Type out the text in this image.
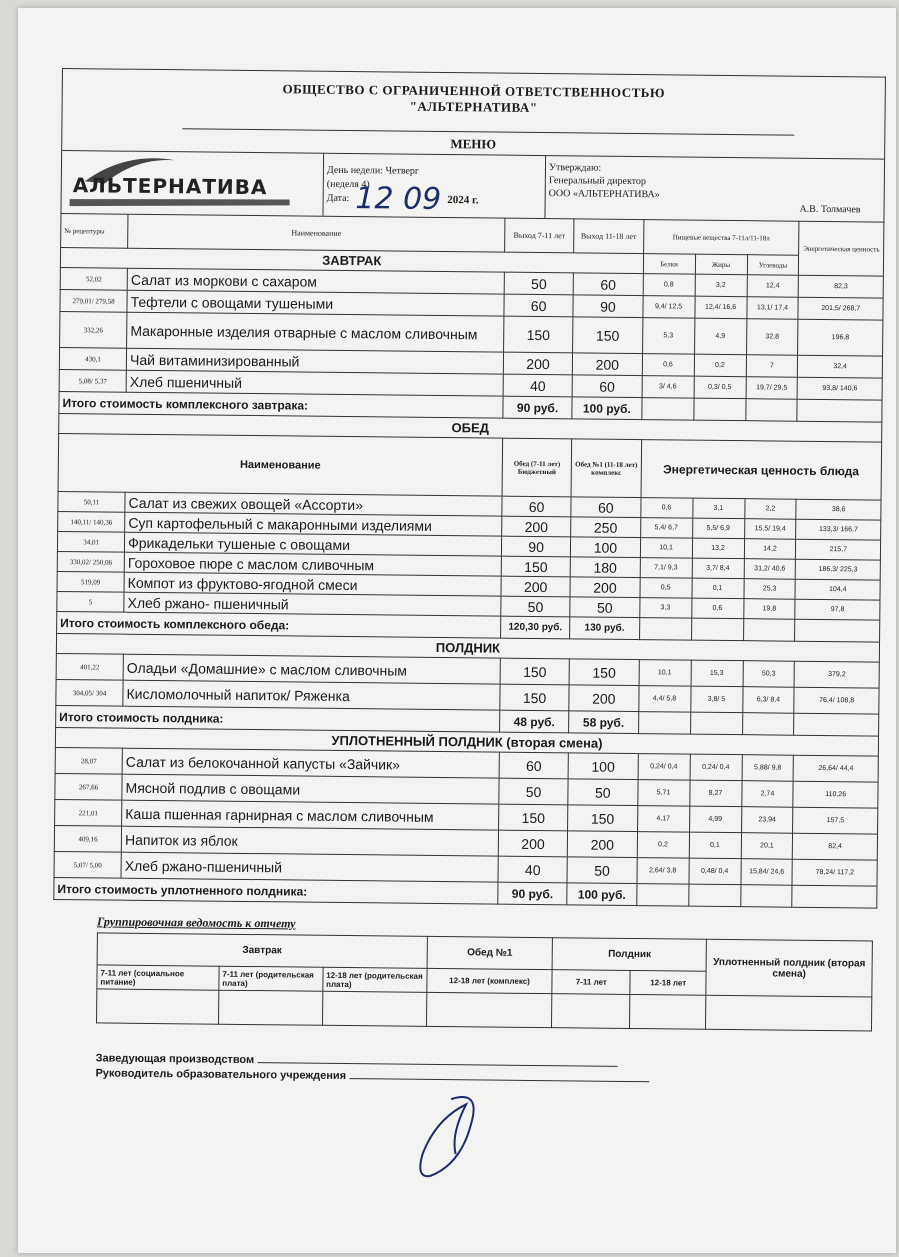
ОБЩЕСТВО С ОГРАНИЧЕННОЙ ОТВЕТСТВЕННОСТЬЮ
"АЛЬТЕРНАТИВА"
МЕНЮ
АЛЬТЕРНАТИВА

День недели: Четверг
(неделя 4)
Дата: 12 09 2024 г.

Утверждаю:
Генеральный директор
ООО «АЛЬТЕРНАТИВА»
А.В. Толмачев
№ рецептуры	Наименование	Выход 7-11 лет	Выход 11-18 лет	Пищевые вещества 7-11л/11-18л			Энергетическая ценность
ЗАВТРАК				Белки	Жиры	Углеводы	
52,02	Салат из моркови с сахаром	50	60	0,8	3,2	12,4	82,3
279,01/ 279,58	Тефтели с овощами тушеными	60	90	9,4/ 12,5	12,4/ 16,6	13,1/ 17,4	201,5/ 268,7
332,26	Макаронные изделия отварные с маслом сливочным	150	150	5,3	4,9	32,8	196,8
430,1	Чай витаминизированный	200	200	0,6	0,2	7	32,4
5,08/ 5,37	Хлеб пшеничный	40	60	3/ 4,6	0,3/ 0,5	19,7/ 29,5	93,8/ 140,6
Итого стоимость комплексного завтрака:		90 руб.	100 руб.				
ОБЕД							
Наименование		Обед (7-11 лет) Бюджетный	Обед №1 (11-18 лет) комплекс	Энергетическая ценность блюда			
50,11	Салат из свежих овощей «Ассорти»	60	60	0,6	3,1	2,2	38,6
140,11/ 140,36	Суп картофельный с макаронными изделиями	200	250	5,4/ 6,7	5,5/ 6,9	15,5/ 19,4	133,3/ 166,7
34,01	Фрикадельки тушеные с овощами	90	100	10,1	13,2	14,2	215,7
330,02/ 250,06	Гороховое пюре с маслом сливочным	150	180	7,1/ 9,3	3,7/ 8,4	31,2/ 40,6	186,3/ 225,3
519,09	Компот из фруктово-ягодной смеси	200	200	0,5	0,1	25,3	104,4
5	Хлеб ржано- пшеничный	50	50	3,3	0,6	19,8	97,8
Итого стоимость комплексного обеда:		120,30 руб.	130 руб.				
ПОЛДНИК							
401,22	Оладьи «Домашние» с маслом сливочным	150	150	10,1	15,3	50,3	379,2
304,05/ 304	Кисломолочный напиток/ Ряженка	150	200	4,4/ 5,8	3,8/ 5	6,3/ 8,4	76,4/ 108,8
Итого стоимость полдника:		48 руб.	58 руб.				
УПЛОТНЕННЫЙ ПОЛДНИК (вторая смена)							
28,07	Салат из белокочанной капусты «Зайчик»	60	100	0,24/ 0,4	0,24/ 0,4	5,88/ 9,8	26,64/ 44,4
267,66	Мясной подлив с овощами	50	50	5,71	8,27	2,74	110,26
221,01	Каша пшенная гарнирная с маслом сливочным	150	150	4,17	4,99	23,94	157,5
409,16	Напиток из яблок	200	200	0,2	0,1	20,1	82,4
5,07/ 5,00	Хлеб ржано-пшеничный	40	50	2,64/ 3,8	0,48/ 0,4	15,84/ 24,6	78,24/ 117,2
Итого стоимость уплотненного полдника:		90 руб.	100 руб.				
Группировочная ведомость к отчету
Завтрак			Обед №1	Полдник		Уплотненный полдник (вторая смена)
7-11 лет (социальное питание)	7-11 лет (родительская плата)	12-18 лет (родительская плата)	12-18 лет (комплекс)	7-11 лет	12-18 лет	

Заведующая производством
Руководитель образовательного учреждения
